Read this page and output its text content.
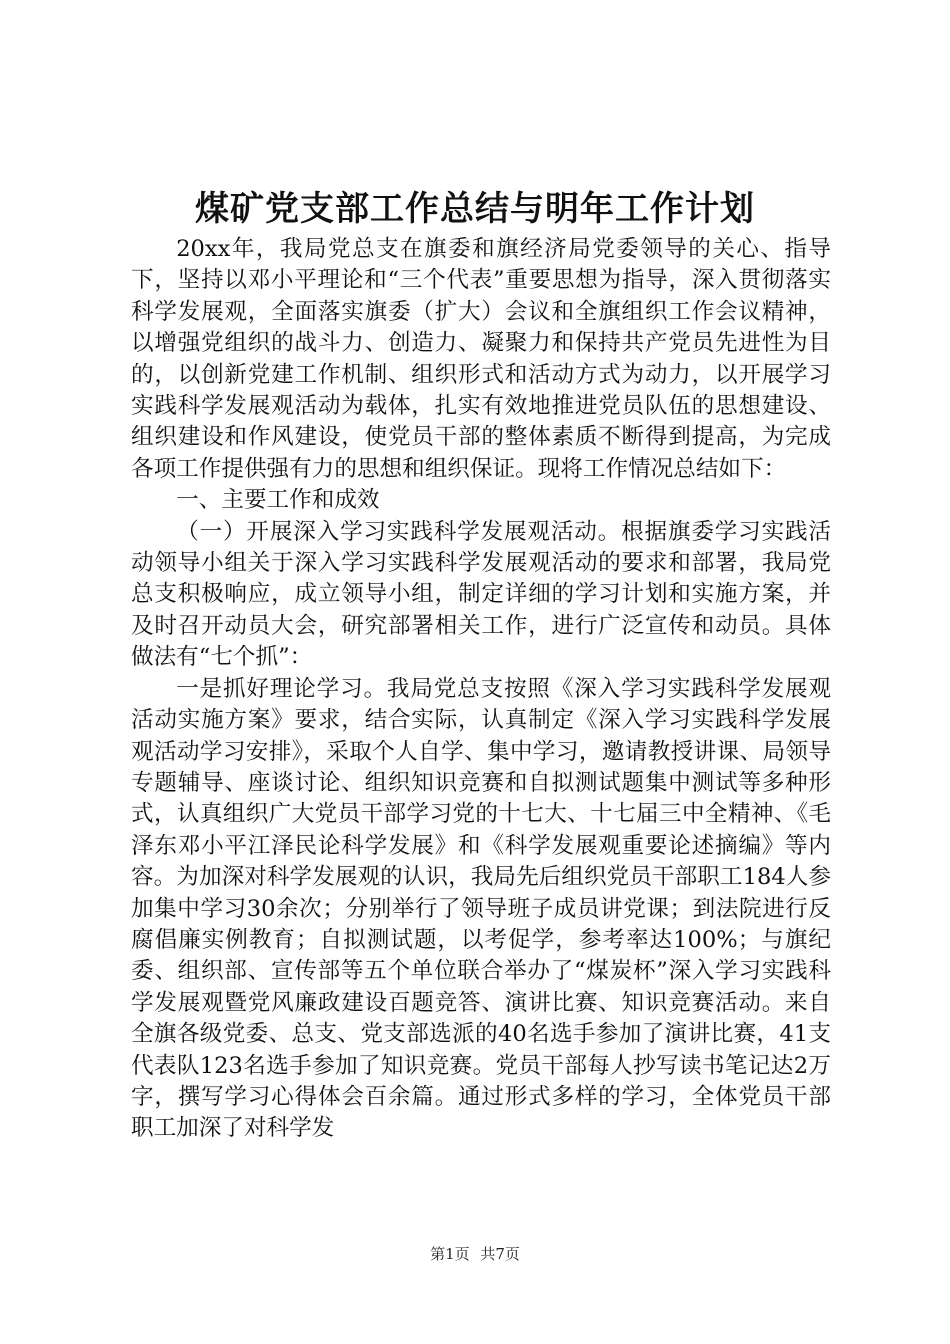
煤矿党支部工作总结与明年工作计划

20xx年，我局党总支在旗委和旗经济局党委领导的关心、指导下，坚持以邓小平理论和“三个代表”重要思想为指导，深入贯彻落实科学发展观，全面落实旗委（扩大）会议和全旗组织工作会议精神，以增强党组织的战斗力、创造力、凝聚力和保持共产党员先进性为目的，以创新党建工作机制、组织形式和活动方式为动力，以开展学习实践科学发展观活动为载体，扎实有效地推进党员队伍的思想建设、组织建设和作风建设，使党员干部的整体素质不断得到提高，为完成各项工作提供强有力的思想和组织保证。现将工作情况总结如下：

一、主要工作和成效

（一）开展深入学习实践科学发展观活动。根据旗委学习实践活动领导小组关于深入学习实践科学发展观活动的要求和部署，我局党总支积极响应，成立领导小组，制定详细的学习计划和实施方案，并及时召开动员大会，研究部署相关工作，进行广泛宣传和动员。具体做法有“七个抓”：

一是抓好理论学习。我局党总支按照《深入学习实践科学发展观活动实施方案》要求，结合实际，认真制定《深入学习实践科学发展观活动学习安排》，采取个人自学、集中学习，邀请教授讲课、局领导专题辅导、座谈讨论、组织知识竞赛和自拟测试题集中测试等多种形式，认真组织广大党员干部学习党的十七大、十七届三中全精神、《毛泽东邓小平江泽民论科学发展》和《科学发展观重要论述摘编》等内容。为加深对科学发展观的认识，我局先后组织党员干部职工184人参加集中学习30余次；分别举行了领导班子成员讲党课；到法院进行反腐倡廉实例教育；自拟测试题，以考促学，参考率达100%；与旗纪委、组织部、宣传部等五个单位联合举办了“煤炭杯”深入学习实践科学发展观暨党风廉政建设百题竞答、演讲比赛、知识竞赛活动。来自全旗各级党委、总支、党支部选派的40名选手参加了演讲比赛，41支代表队123名选手参加了知识竞赛。党员干部每人抄写读书笔记达2万字，撰写学习心得体会百余篇。通过形式多样的学习，全体党员干部职工加深了对科学发

第1页 共7页
